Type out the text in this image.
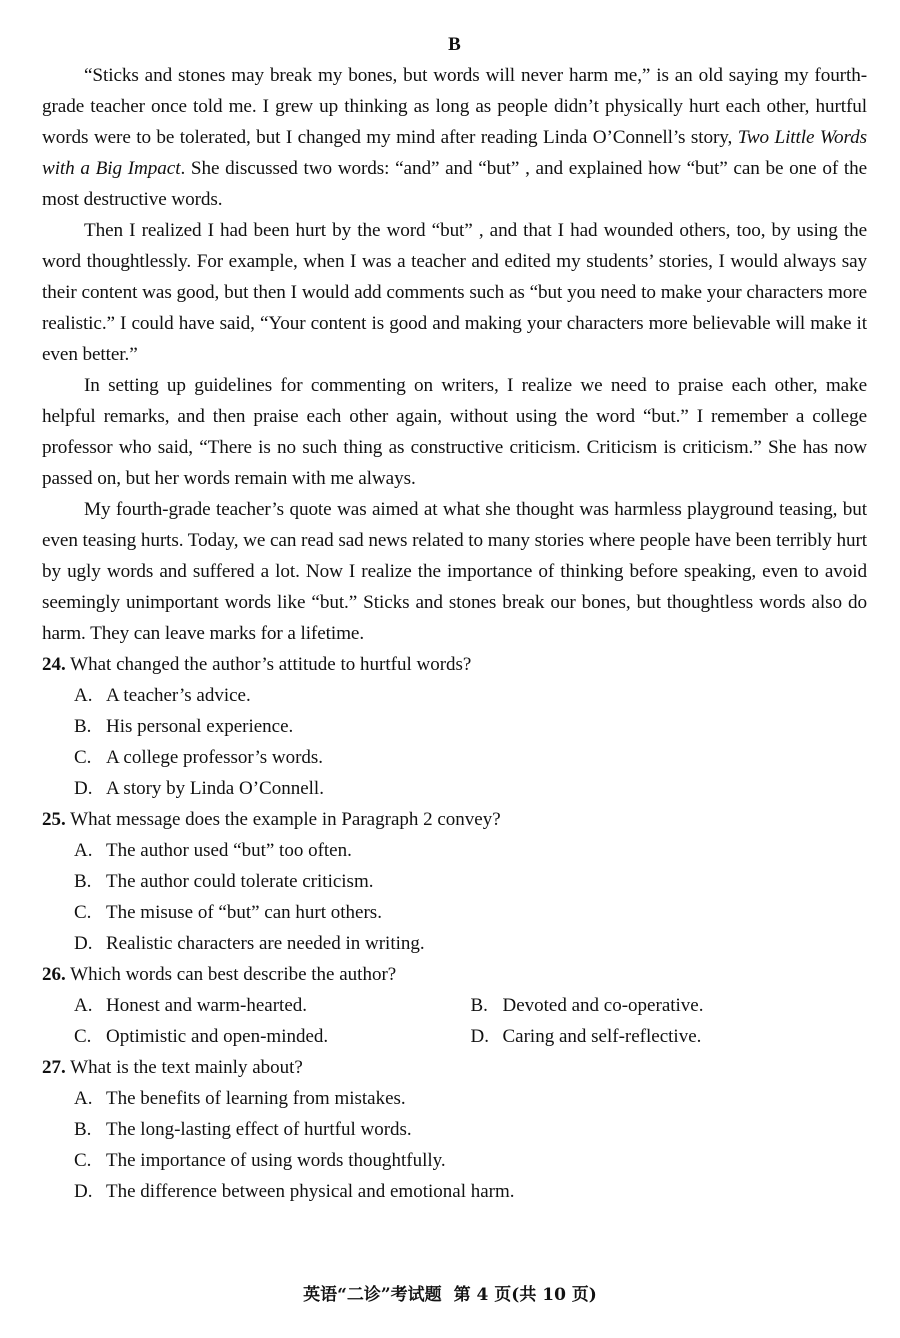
B

“Sticks and stones may break my bones, but words will never harm me,” is an old saying my fourth-grade teacher once told me. I grew up thinking as long as people didn’t physically hurt each other, hurtful words were to be tolerated, but I changed my mind after reading Linda O’Connell’s story, Two Little Words with a Big Impact. She discussed two words: “and” and “but” , and explained how “but” can be one of the most destructive words.

Then I realized I had been hurt by the word “but” , and that I had wounded others, too, by using the word thoughtlessly. For example, when I was a teacher and edited my students’ stories, I would always say their content was good, but then I would add comments such as “but you need to make your characters more realistic.” I could have said, “Your content is good and making your characters more believable will make it even better.”

In setting up guidelines for commenting on writers, I realize we need to praise each other, make helpful remarks, and then praise each other again, without using the word “but.” I remember a college professor who said, “There is no such thing as constructive criticism. Criticism is criticism.” She has now passed on, but her words remain with me always.

My fourth-grade teacher’s quote was aimed at what she thought was harmless playground teasing, but even teasing hurts. Today, we can read sad news related to many stories where people have been terribly hurt by ugly words and suffered a lot. Now I realize the importance of thinking before speaking, even to avoid seemingly unimportant words like “but.” Sticks and stones break our bones, but thoughtless words also do harm. They can leave marks for a lifetime.

24. What changed the author’s attitude to hurtful words?

A. A teacher’s advice.

B. His personal experience.

C. A college professor’s words.

D. A story by Linda O’Connell.

25. What message does the example in Paragraph 2 convey?

A. The author used “but” too often.

B. The author could tolerate criticism.

C. The misuse of “but” can hurt others.

D. Realistic characters are needed in writing.

26. Which words can best describe the author?

A. Honest and warm-hearted.	B. Devoted and co-operative.

C. Optimistic and open-minded.	D. Caring and self-reflective.

27. What is the text mainly about?

A. The benefits of learning from mistakes.

B. The long-lasting effect of hurtful words.

C. The importance of using words thoughtfully.

D. The difference between physical and emotional harm.

英语“二诊”考试题 第 4 页(共 10 页)
